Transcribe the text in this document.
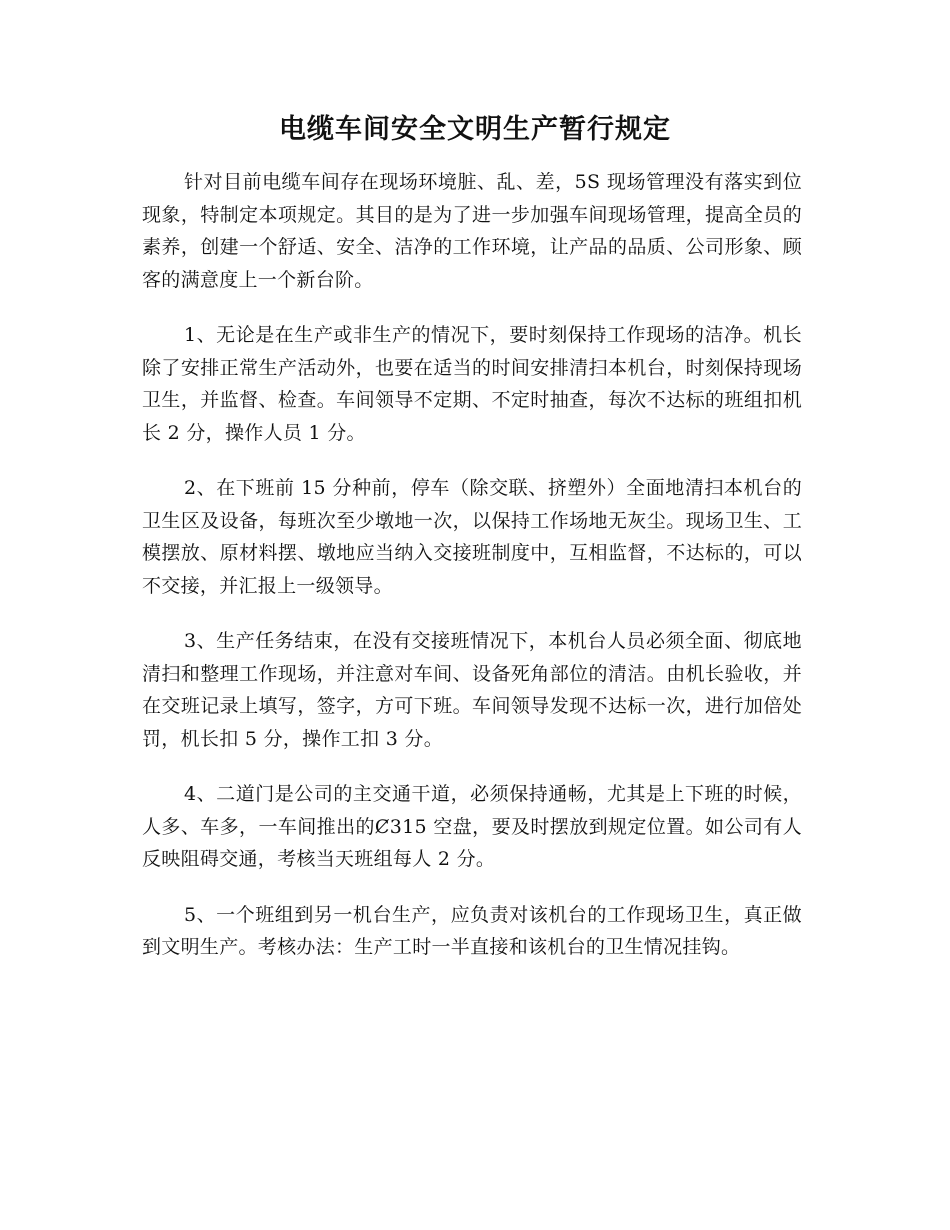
电缆车间安全文明生产暂行规定

针对目前电缆车间存在现场环境脏、乱、差，5S 现场管理没有落实到位现象，特制定本项规定。其目的是为了进一步加强车间现场管理，提高全员的素养，创建一个舒适、安全、洁净的工作环境，让产品的品质、公司形象、顾客的满意度上一个新台阶。

1、无论是在生产或非生产的情况下，要时刻保持工作现场的洁净。机长除了安排正常生产活动外，也要在适当的时间安排清扫本机台，时刻保持现场卫生，并监督、检查。车间领导不定期、不定时抽查，每次不达标的班组扣机长 2 分，操作人员 1 分。

2、在下班前 15 分种前，停车（除交联、挤塑外）全面地清扫本机台的卫生区及设备，每班次至少墩地一次，以保持工作场地无灰尘。现场卫生、工模摆放、原材料摆、墩地应当纳入交接班制度中，互相监督，不达标的，可以不交接，并汇报上一级领导。

3、生产任务结束，在没有交接班情况下，本机台人员必须全面、彻底地清扫和整理工作现场，并注意对车间、设备死角部位的清洁。由机长验收，并在交班记录上填写，签字，方可下班。车间领导发现不达标一次，进行加倍处罚，机长扣 5 分，操作工扣 3 分。

4、二道门是公司的主交通干道，必须保持通畅，尤其是上下班的时候，人多、车多，一车间推出的Ȼ315 空盘，要及时摆放到规定位置。如公司有人反映阻碍交通，考核当天班组每人 2 分。

5、一个班组到另一机台生产，应负责对该机台的工作现场卫生，真正做到文明生产。考核办法：生产工时一半直接和该机台的卫生情况挂钩。
